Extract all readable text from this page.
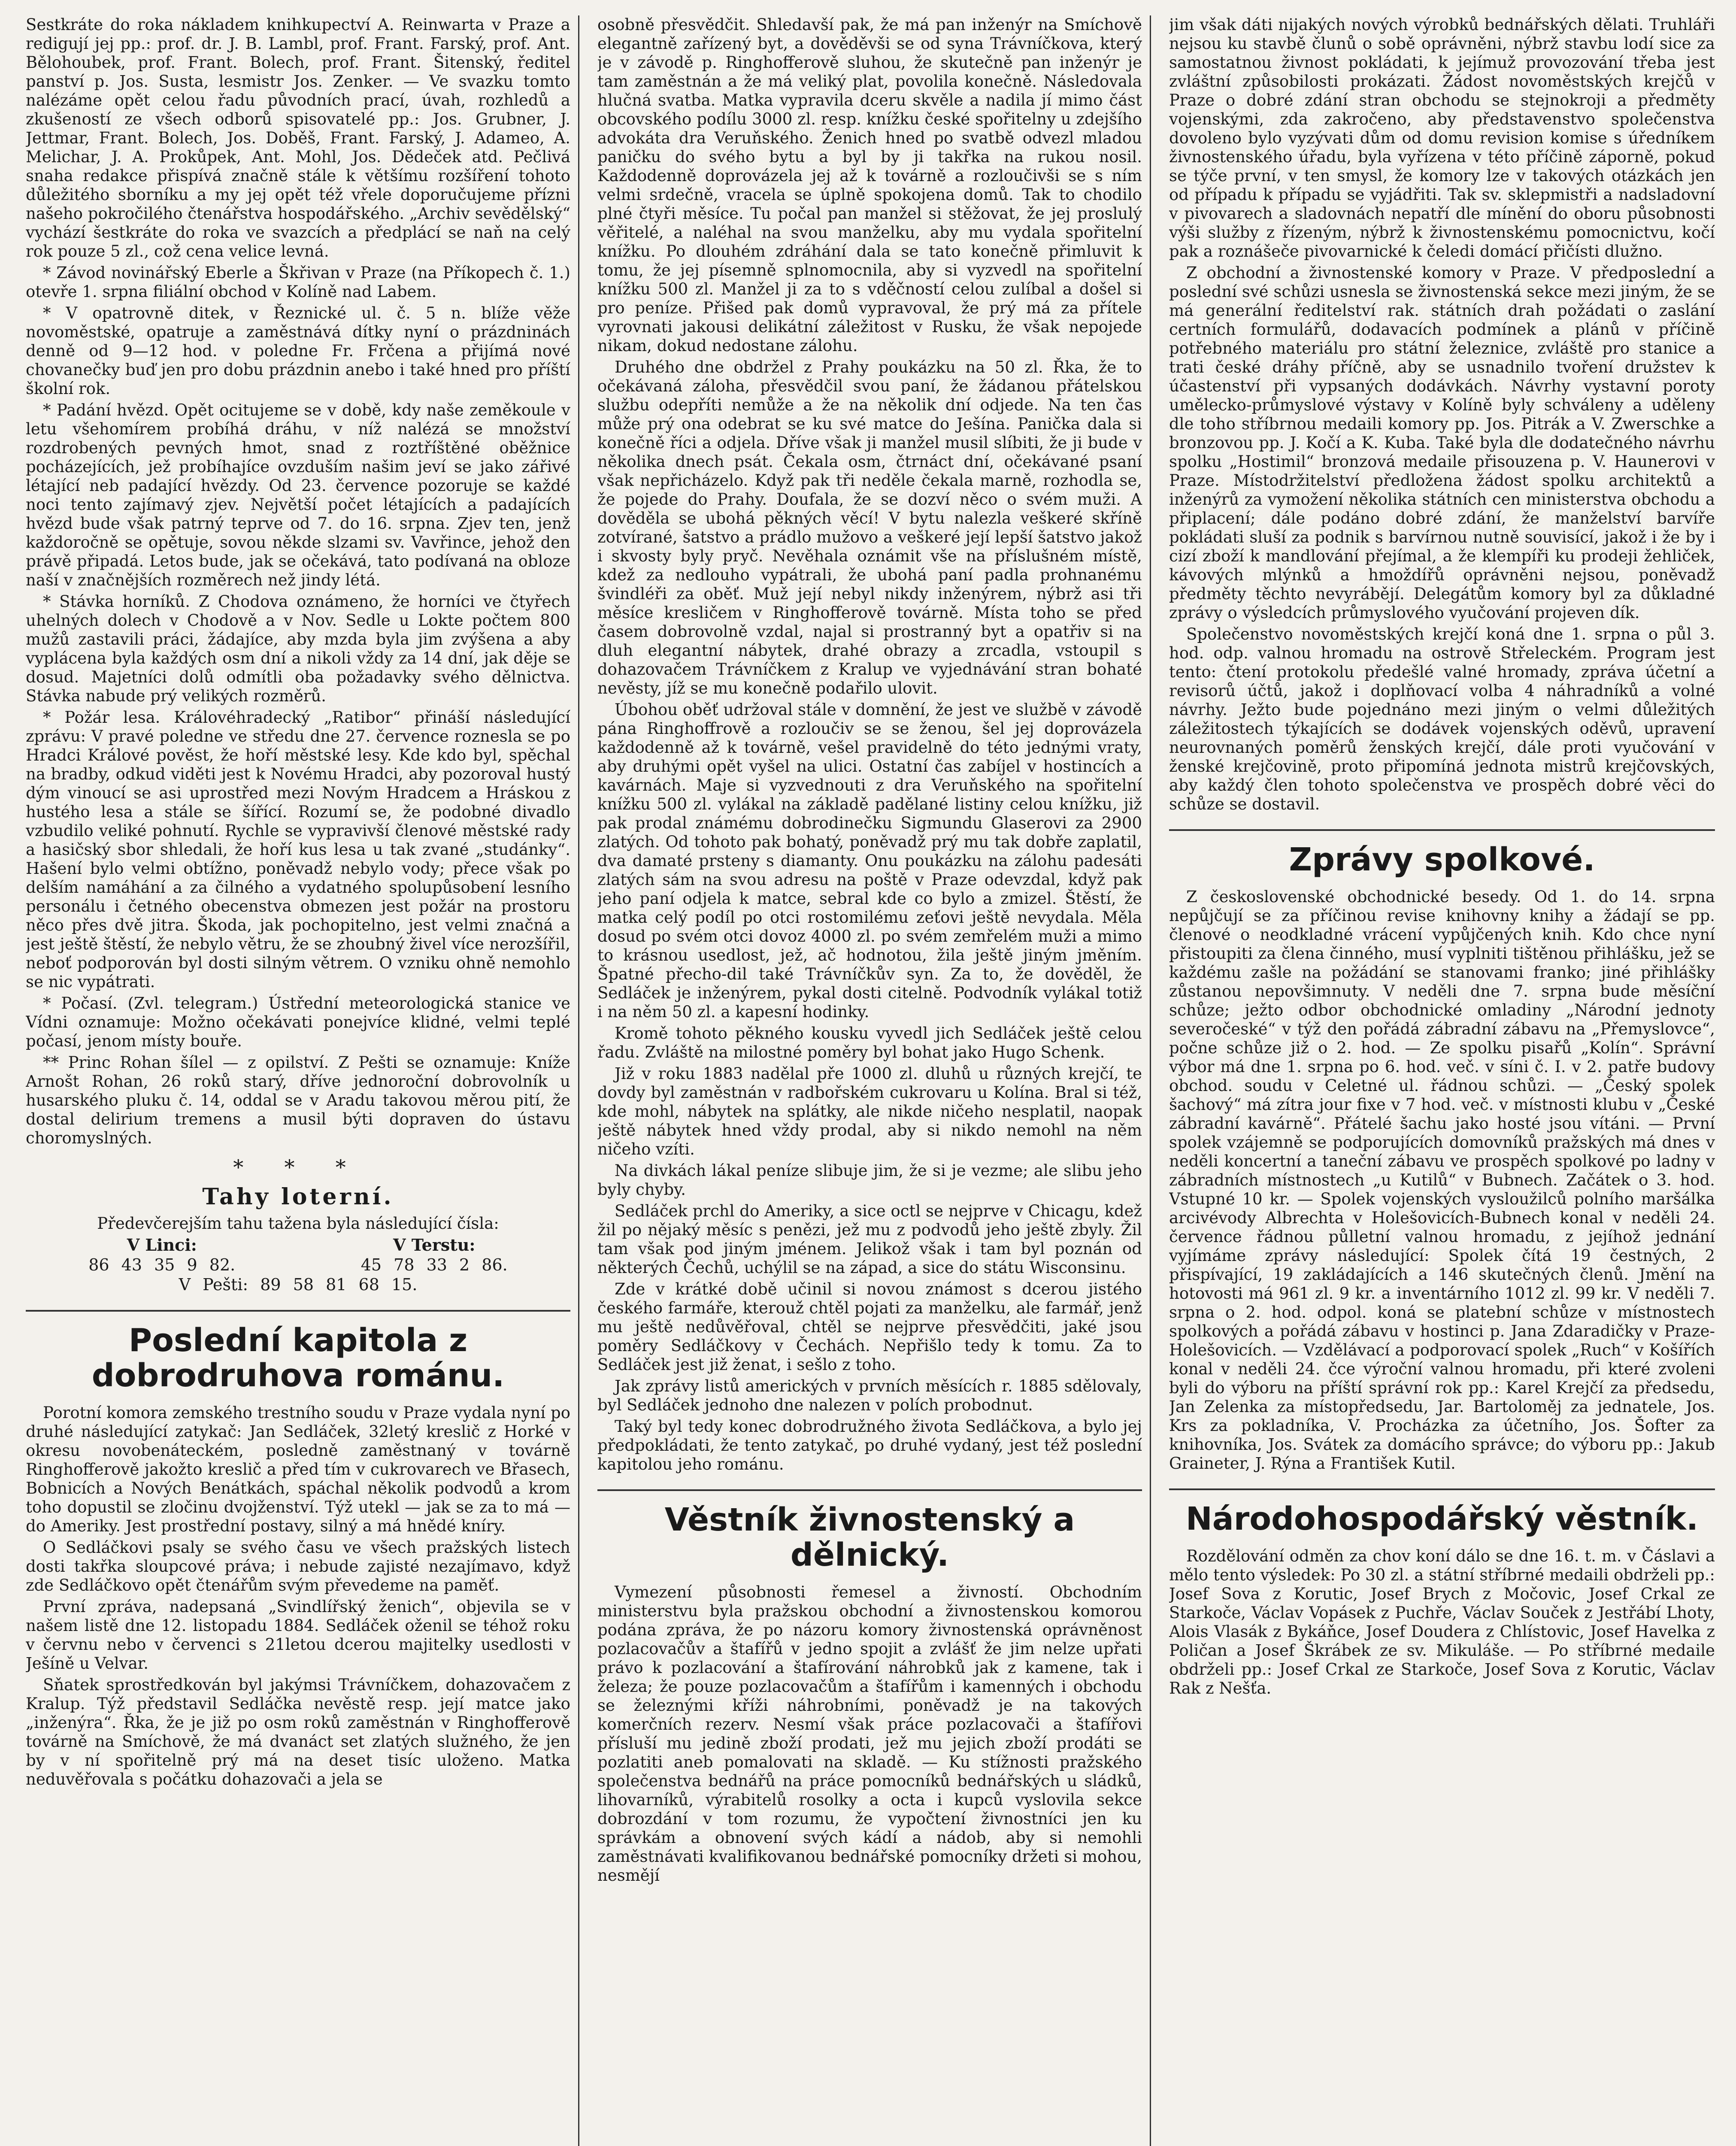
Sestkráte do roka nákladem knihkupectví A. Reinwarta v Praze a redigují jej pp.: prof. dr. J. B. Lambl, prof. Frant. Farský, prof. Ant. Bělohoubek, prof. Frant. Bolech, prof. Frant. Šitenský, ředitel panství p. Jos. Susta, lesmistr Jos. Zenker. — Ve svazku tomto nalézáme opět celou řadu původních prací, úvah, rozhledů a zkušeností ze všech odborů spisovatelé pp.: Jos. Grubner, J. Jettmar, Frant. Bolech, Jos. Doběš, Frant. Farský, J. Adameo, A. Melichar, J. A. Prokůpek, Ant. Mohl, Jos. Dědeček atd. Pečlivá snaha redakce přispívá značně stále k většímu rozšíření tohoto důležitého sborníku a my jej opět též vřele doporučujeme přízni našeho pokročilého čtenářstva hospodářského. „Archiv sevědělský“ vychází šestkráte do roka ve svazcích a předplácí se naň na celý rok pouze 5 zl., což cena velice levná.

* Závod novinářský Eberle a Škřivan v Praze (na Příkopech č. 1.) otevře 1. srpna filiální obchod v Kolíně nad Labem.

* V opatrovně ditek, v Řeznické ul. č. 5 n. blíže věže novoměstské, opatruje a zaměstnává dítky nyní o prázdninách denně od 9—12 hod. v poledne Fr. Frčena a přijímá nové chovanečky buď jen pro dobu prázdnin anebo i také hned pro příští školní rok.

* Padání hvězd. Opět ocitujeme se v době, kdy naše zeměkoule v letu všehomírem probíhá dráhu, v níž nalézá se množství rozdrobených pevných hmot, snad z roztříštěné oběžnice pocházejících, jež probíhajíce ovzduším našim jeví se jako zářivé létající neb padající hvězdy. Od 23. července pozoruje se každé noci tento zajímavý zjev. Největší počet létajících a padajících hvězd bude však patrný teprve od 7. do 16. srpna. Zjev ten, jenž každoročně se opětuje, sovou někde slzami sv. Vavřince, jehož den právě připadá. Letos bude, jak se očekává, tato podívaná na obloze naší v značnějších rozměrech než jindy létá.

* Stávka horníků. Z Chodova oznámeno, že horníci ve čtyřech uhelných dolech v Chodově a v Nov. Sedle u Lokte počtem 800 mužů zastavili práci, žádajíce, aby mzda byla jim zvýšena a aby vyplácena byla každých osm dní a nikoli vždy za 14 dní, jak děje se dosud. Majetníci dolů odmítli oba požadavky svého dělnictva. Stávka nabude prý velikých rozměrů.

* Požár lesa. Královéhradecký „Ratibor“ přináší následující zprávu: V pravé poledne ve středu dne 27. července roznesla se po Hradci Králové pověst, že hoří městské lesy. Kde kdo byl, spěchal na bradby, odkud viděti jest k Novému Hradci, aby pozoroval hustý dým vinoucí se asi uprostřed mezi Novým Hradcem a Hráskou z hustého lesa a stále se šířící. Rozumí se, že podobné divadlo vzbudilo veliké pohnutí. Rychle se vypravivší členové městské rady a hasičský sbor shledali, že hoří kus lesa u tak zvané „studánky“. Hašení bylo velmi obtížno, poněvadž nebylo vody; přece však po delším namáhání a za čilného a vydatného spolupůsobení lesního personálu i četného obecenstva obmezen jest požár na prostoru něco přes dvě jitra. Škoda, jak pochopitelno, jest velmi značná a jest ještě štěstí, že nebylo větru, že se zhoubný živel více nerozšířil, neboť podporován byl dosti silným větrem. O vzniku ohně nemohlo se nic vypátrati.

* Počasí. (Zvl. telegram.) Ústřední meteorologická stanice ve Vídni oznamuje: Možno očekávati ponejvíce klidné, velmi teplé počasí, jenom místy bouře.

** Princ Rohan šílel — z opilství. Z Pešti se oznamuje: Kníže Arnošt Rohan, 26 roků starý, dříve jednoroční dobrovolník u husarského pluku č. 14, oddal se v Aradu takovou měrou pití, že dostal delirium tremens a musil býti dopraven do ústavu choromyslných.

* * *
Tahy loterní.
Předevčerejším tahu tažena byla následující čísla:
V Linci:	V Terstu:
86 43 35 9 82.	45 78 33 2 86.
V Pešti: 89 58 81 68 15.
Poslední kapitola z dobrodruhova románu.

Porotní komora zemského trestního soudu v Praze vydala nyní po druhé následující zatykač: Jan Sedláček, 32letý kreslič z Horké v okresu novobenáteckém, posledně zaměstnaný v továrně Ringhofferově jakožto kreslič a před tím v cukrovarech ve Břasech, Bobnicích a Nových Benátkách, spáchal několik podvodů a krom toho dopustil se zločinu dvojženství. Týž utekl — jak se za to má — do Ameriky. Jest prostřední postavy, silný a má hnědé kníry.

O Sedláčkovi psaly se svého času ve všech pražských listech dosti takřka sloupcové práva; i nebude zajisté nezajímavo, když zde Sedláčkovo opět čtenářům svým převedeme na paměť.

První zpráva, nadepsaná „Svindlířský ženich“, objevila se v našem listě dne 12. listopadu 1884. Sedláček oženil se téhož roku v červnu nebo v červenci s 21letou dcerou majitelky usedlosti v Ješíně u Velvar.

Sňatek sprostředkován byl jakýmsi Trávníčkem, dohazovačem z Kralup. Týž představil Sedláčka nevěstě resp. její matce jako „inženýra“. Řka, že je již po osm roků zaměstnán v Ringhofferově továrně na Smíchově, že má dvanáct set zlatých služného, že jen by v ní spořitelně prý má na deset tisíc uloženo. Matka neduvěřovala s počátku dohazovači a jela se

osobně přesvědčit. Shledavší pak, že má pan inženýr na Smíchově elegantně zařízený byt, a dověděvši se od syna Trávníčkova, který je v závodě p. Ringhofferově sluhou, že skutečně pan inženýr je tam zaměstnán a že má veliký plat, povolila konečně. Následovala hlučná svatba. Matka vypravila dceru skvěle a nadila jí mimo část obcovského podílu 3000 zl. resp. knížku české spořitelny u zdejšího advokáta dra Veruňského. Ženich hned po svatbě odvezl mladou paničku do svého bytu a byl by ji takřka na rukou nosil. Každodenně doprovázela jej až k továrně a rozloučivši se s ním velmi srdečně, vracela se úplně spokojena domů. Tak to chodilo plné čtyři měsíce. Tu počal pan manžel si stěžovat, že jej proslulý věřitelé, a naléhal na svou manželku, aby mu vydala spořitelní knížku. Po dlouhém zdráhání dala se tato konečně přimluvit k tomu, že jej písemně splnomocnila, aby si vyzvedl na spořitelní knížku 500 zl. Manžel ji za to s vděčností celou zulíbal a došel si pro peníze. Přišed pak domů vypravoval, že prý má za přítele vyrovnati jakousi delikátní záležitost v Rusku, že však nepojede nikam, dokud nedostane zálohu.

Druhého dne obdržel z Prahy poukázku na 50 zl. Řka, že to očekávaná záloha, přesvědčil svou paní, že žádanou přátelskou službu odepříti nemůže a že na několik dní odjede. Na ten čas může prý ona odebrat se ku své matce do Ješína. Panička dala si konečně říci a odjela. Dříve však ji manžel musil slíbiti, že ji bude v několika dnech psát. Čekala osm, čtrnáct dní, očekávané psaní však nepřicházelo. Když pak tři neděle čekala marně, rozhodla se, že pojede do Prahy. Doufala, že se dozví něco o svém muži. A dověděla se ubohá pěkných věcí! V bytu nalezla veškeré skříně zotvírané, šatstvo a prádlo mužovo a veškeré její lepší šatstvo jakož i skvosty byly pryč. Nevěhala oznámit vše na příslušném místě, kdež za nedlouho vypátrali, že ubohá paní padla prohnanému švindléři za oběť. Muž její nebyl nikdy inženýrem, nýbrž asi tři měsíce kresličem v Ringhofferově továrně. Místa toho se před časem dobrovolně vzdal, najal si prostranný byt a opatřiv si na dluh elegantní nábytek, drahé obrazy a zrcadla, vstoupil s dohazovačem Trávníčkem z Kralup ve vyjednávání stran bohaté nevěsty, jíž se mu konečně podařilo ulovit.

Úbohou oběť udržoval stále v domnění, že jest ve službě v závodě pána Ringhoffrově a rozloučiv se se ženou, šel jej doprovázela každodenně až k továrně, vešel pravidelně do této jednými vraty, aby druhými opět vyšel na ulici. Ostatní čas zabíjel v hostincích a kavárnách. Maje si vyzvednouti z dra Veruňského na spořitelní knížku 500 zl. vylákal na základě padělané listiny celou knížku, již pak prodal známému dobrodinečku Sigmundu Glaserovi za 2900 zlatých. Od tohoto pak bohatý, poněvadž prý mu tak dobře zaplatil, dva damaté prsteny s diamanty. Onu poukázku na zálohu padesáti zlatých sám na svou adresu na poště v Praze odevzdal, když pak jeho paní odjela k matce, sebral kde co bylo a zmizel. Štěstí, že matka celý podíl po otci rostomilému zeťovi ještě nevydala. Měla dosud po svém otci dovoz 4000 zl. po svém zemřelém muži a mimo to krásnou usedlost, jež, ač hodnotou, žila ještě jiným jměním. Špatné přecho-dil také Trávníčkův syn. Za to, že dověděl, že Sedláček je inženýrem, pykal dosti citelně. Podvodník vylákal totiž i na něm 50 zl. a kapesní hodinky.

Kromě tohoto pěkného kousku vyvedl jich Sedláček ještě celou řadu. Zvláště na milostné poměry byl bohat jako Hugo Schenk.

Již v roku 1883 nadělal pře 1000 zl. dluhů u různých krejčí, te dovdy byl zaměstnán v radbořském cukrovaru u Kolína. Bral si též, kde mohl, nábytek na splátky, ale nikde ničeho nesplatil, naopak ještě nábytek hned vždy prodal, aby si nikdo nemohl na něm ničeho vzíti.

Na divkách lákal peníze slibuje jim, že si je vezme; ale slibu jeho byly chyby.

Sedláček prchl do Ameriky, a sice octl se nejprve v Chicagu, kdež žil po nějaký měsíc s penězi, jež mu z podvodů jeho ještě zbyly. Žil tam však pod jiným jménem. Jelikož však i tam byl poznán od některých Čechů, uchýlil se na západ, a sice do státu Wisconsinu.

Zde v krátké době učinil si novou známost s dcerou jistého českého farmáře, kterouž chtěl pojati za manželku, ale farmář, jenž mu ještě nedůvěřoval, chtěl se nejprve přesvědčiti, jaké jsou poměry Sedláčkovy v Čechách. Nepřišlo tedy k tomu. Za to Sedláček jest již ženat, i sešlo z toho.

Jak zprávy listů amerických v prvních měsících r. 1885 sdělovaly, byl Sedláček jednoho dne nalezen v polích probodnut.

Taký byl tedy konec dobrodružného života Sedláčkova, a bylo jej předpokládati, že tento zatykač, po druhé vydaný, jest též poslední kapitolou jeho románu.

Věstník živnostenský a dělnický.

Vymezení působnosti řemesel a živností. Obchodním ministerstvu byla pražskou obchodní a živnostenskou komorou podána zpráva, že po názoru komory živnostenská oprávněnost pozlacovačův a štafířů v jedno spojit a zvlášť že jim nelze upřati právo k pozlacování a štafírování náhrobků jak z kamene, tak i železa; že pouze pozlacovačům a štafířům i kamenných i obchodu se železnými kříži náhrobními, poněvadž je na takových komerčních rezerv. Nesmí však práce pozlacovači a štafířovi přísluší mu jedině zboží prodati, jež mu jejich zboží prodáti se pozlatiti aneb pomalovati na skladě. — Ku stížnosti pražského společenstva bednářů na práce pomocníků bednářských u sládků, lihovarníků, výrabitelů rosolky a octa i kupců vyslovila sekce dobrozdání v tom rozumu, že vypočtení živnostníci jen ku správkám a obnovení svých kádí a nádob, aby si nemohli zaměstnávati kvalifikovanou bednářské pomocníky držeti si mohou, nesmějí

jim však dáti nijakých nových výrobků bednářských dělati. Truhláři nejsou ku stavbě člunů o sobě oprávněni, nýbrž stavbu lodí sice za samostatnou živnost pokládati, k jejímuž provozování třeba jest zvláštní způsobilosti prokázati. Žádost novoměstských krejčů v Praze o dobré zdání stran obchodu se stejnokroji a předměty vojenskými, zda zakročeno, aby představenstvo společenstva dovoleno bylo vyzývati dům od domu revision komise s úředníkem živnostenského úřadu, byla vyřízena v této příčině záporně, pokud se týče první, v ten smysl, že komory lze v takových otázkách jen od případu k případu se vyjádřiti. Tak sv. sklepmistři a nadsladovní v pivovarech a sladovnách nepatří dle mínění do oboru působnosti výši služby z řízeným, nýbrž k živnostenskému pomocnictvu, kočí pak a roznášeče pivovarnické k čeledi domácí přičísti dlužno.

Z obchodní a živnostenské komory v Praze. V předposlední a poslední své schůzi usnesla se živnostenská sekce mezi jiným, že se má generální ředitelství rak. státních drah požádati o zaslání certních formulářů, dodavacích podmínek a plánů v příčině potřebného materiálu pro státní železnice, zvláště pro stanice a trati české dráhy příčně, aby se usnadnilo tvoření družstev k účastenství při vypsaných dodávkách. Návrhy vystavní poroty umělecko-průmyslové výstavy v Kolíně byly schváleny a uděleny dle toho stříbrnou medaili komory pp. Jos. Pitrák a V. Zwerschke a bronzovou pp. J. Kočí a K. Kuba. Také byla dle dodatečného návrhu spolku „Hostimil“ bronzová medaile přisouzena p. V. Haunerovi v Praze. Místodržitelství předložena žádost spolku architektů a inženýrů za vymožení několika státních cen ministerstva obchodu a připlacení; dále podáno dobré zdání, že manželství barvíře pokládati sluší za podnik s barvírnou nutně souvisící, jakož i že by i cizí zboží k mandlování přejímal, a že klempíři ku prodeji žehliček, kávových mlýnků a hmoždířů oprávněni nejsou, poněvadž předměty těchto nevyrábějí. Delegátům komory byl za důkladné zprávy o výsledcích průmyslového vyučování projeven dík.

Společenstvo novoměstských krejčí koná dne 1. srpna o půl 3. hod. odp. valnou hromadu na ostrově Střeleckém. Program jest tento: čtení protokolu předešlé valné hromady, zpráva účetní a revisorů účtů, jakož i doplňovací volba 4 náhradníků a volné návrhy. Ježto bude pojednáno mezi jiným o velmi důležitých záležitostech týkajících se dodávek vojenských oděvů, upravení neurovnaných poměrů ženských krejčí, dále proti vyučování v ženské krejčovině, proto připomíná jednota mistrů krejčovských, aby každý člen tohoto společenstva ve prospěch dobré věci do schůze se dostavil.

Zprávy spolkové.

Z československé obchodnické besedy. Od 1. do 14. srpna nepůjčují se za příčinou revise knihovny knihy a žádají se pp. členové o neodkladné vrácení vypůjčených knih. Kdo chce nyní přistoupiti za člena činného, musí vyplniti tištěnou přihlášku, jež se každému zašle na požádání se stanovami franko; jiné přihlášky zůstanou nepovšimnuty. V neděli dne 7. srpna bude měsíční schůze; ježto odbor obchodnické omladiny „Národní jednoty severočeské“ v týž den pořádá zábradní zábavu na „Přemyslovce“, počne schůze již o 2. hod. — Ze spolku pisařů „Kolín“. Správní výbor má dne 1. srpna po 6. hod. več. v síni č. I. v 2. patře budovy obchod. soudu v Celetné ul. řádnou schůzi. — „Český spolek šachový“ má zítra jour fixe v 7 hod. več. v místnosti klubu v „České zábradní kavárně“. Přátelé šachu jako hosté jsou vítáni. — První spolek vzájemně se podporujících domovníků pražských má dnes v neděli koncertní a taneční zábavu ve prospěch spolkové po ladny v zábradních místnostech „u Kutilů“ v Bubnech. Začátek o 3. hod. Vstupné 10 kr. — Spolek vojenských vysloužilců polního maršálka arcivévody Albrechta v Holešovicích-Bubnech konal v neděli 24. července řádnou půlletní valnou hromadu, z jejíhož jednání vyjímáme zprávy následující: Spolek čítá 19 čestných, 2 přispívající, 19 zakládajících a 146 skutečných členů. Jmění na hotovosti má 961 zl. 9 kr. a inventárního 1012 zl. 99 kr. V neděli 7. srpna o 2. hod. odpol. koná se platební schůze v místnostech spolkových a pořádá zábavu v hostinci p. Jana Zdaradičky v Praze-Holešovicích. — Vzdělávací a podporovací spolek „Ruch“ v Košířích konal v neděli 24. čce výroční valnou hromadu, při které zvoleni byli do výboru na příští správní rok pp.: Karel Krejčí za předsedu, Jan Zelenka za místopředsedu, Jar. Bartoloměj za jednatele, Jos. Krs za pokladníka, V. Procházka za účetního, Jos. Šofter za knihovníka, Jos. Svátek za domácího správce; do výboru pp.: Jakub Graineter, J. Rýna a František Kutil.

Národohospodářský věstník.

Rozdělování odměn za chov koní dálo se dne 16. t. m. v Čáslavi a mělo tento výsledek: Po 30 zl. a státní stříbrné medaili obdrželi pp.: Josef Sova z Korutic, Josef Brych z Močovic, Josef Crkal ze Starkoče, Václav Vopásek z Puchře, Václav Souček z Jestřábí Lhoty, Alois Vlasák z Bykáňce, Josef Doudera z Chlístovic, Josef Havelka z Poličan a Josef Škrábek ze sv. Mikuláše. — Po stříbrné medaile obdrželi pp.: Josef Crkal ze Starkoče, Josef Sova z Korutic, Václav Rak z Nešťa.
